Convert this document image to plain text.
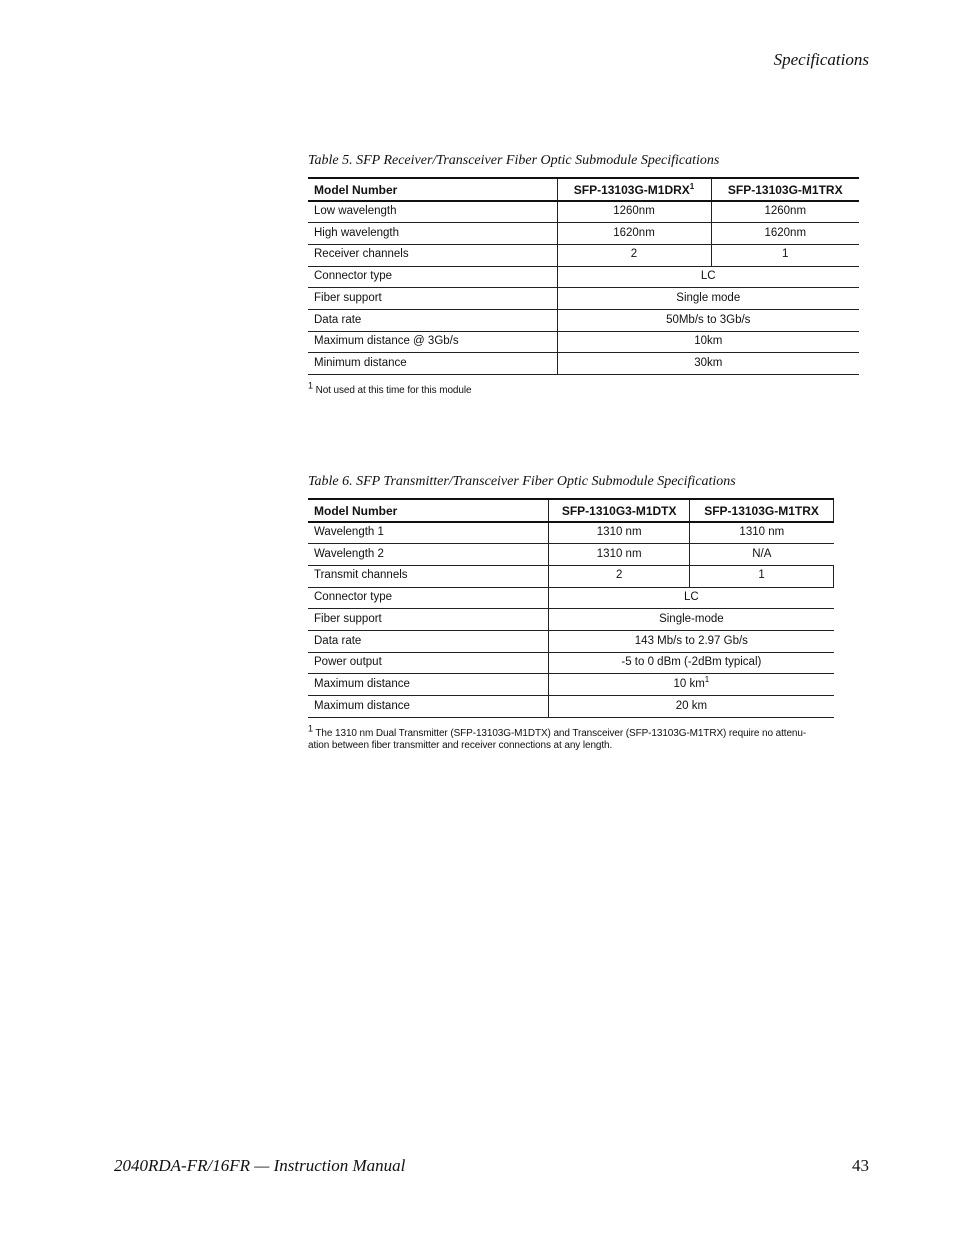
Specifications
Table 5. SFP Receiver/Transceiver Fiber Optic Submodule Specifications
Model Number	SFP-13103G-M1DRX$^1$	SFP-13103G-M1TRX
Low wavelength	1260nm	1260nm
High wavelength	1620nm	1620nm
Receiver channels	2	1
Connector type	LC	
Fiber support	Single mode	
Data rate	50Mb/s to 3Gb/s	
Maximum distance @ 3Gb/s	10km	
Minimum distance	30km	
1 Not used at this time for this module
Table 6. SFP Transmitter/Transceiver Fiber Optic Submodule Specifications
Model Number	SFP-1310G3-M1DTX	SFP-13103G-M1TRX
Wavelength 1	1310 nm	1310 nm
Wavelength 2	1310 nm	N/A
Transmit channels	2	1
Connector type	LC	
Fiber support	Single-mode	
Data rate	143 Mb/s to 2.97 Gb/s	
Power output	-5 to 0 dBm (-2dBm typical)	
Maximum distance	10 $km^1$
Maximum distance	20 km	
1 The 1310 nm Dual Transmitter (SFP-13103G-M1DTX) and Transceiver (SFP-13103G-M1TRX) require no attenu-ation between fiber transmitter and receiver connections at any length.
2040RDA-FR/16FR — Instruction Manual	43
